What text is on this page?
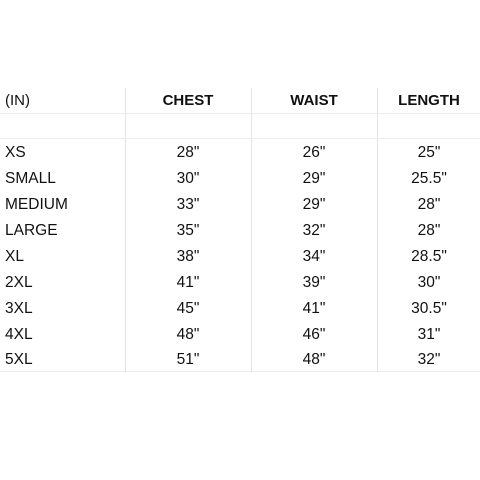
(IN)	CHEST	WAIST	LENGTH
XS	28"	26"	25"
SMALL	30"	29"	25.5"
MEDIUM	33"	29"	28"
LARGE	35"	32"	28"
XL	38"	34"	28.5"
2XL	41"	39"	30"
3XL	45"	41"	30.5"
4XL	48"	46"	31"
5XL	51"	48"	32"
